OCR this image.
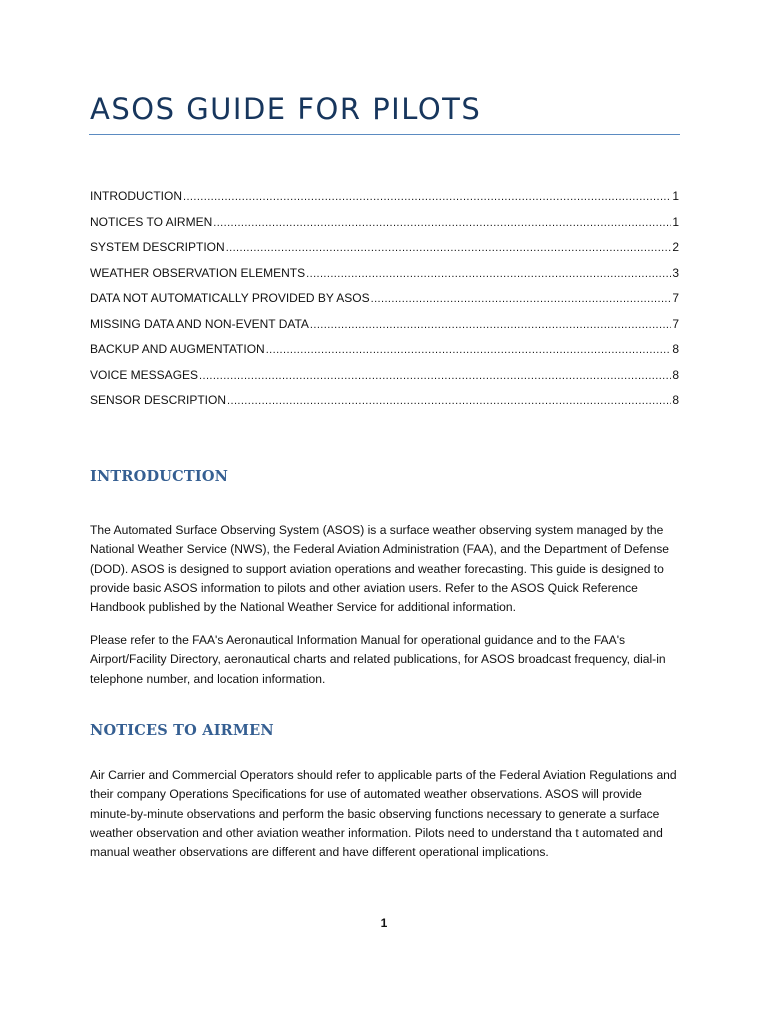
ASOS GUIDE FOR PILOTS
INTRODUCTION .....	1
NOTICES TO AIRMEN .....	1
SYSTEM DESCRIPTION .....	2
WEATHER OBSERVATION ELEMENTS .....	3
DATA NOT AUTOMATICALLY PROVIDED BY ASOS .....	7
MISSING DATA AND NON-EVENT DATA .....	7
BACKUP AND AUGMENTATION .....	8
VOICE MESSAGES .....	8
SENSOR DESCRIPTION .....	8
INTRODUCTION

The Automated Surface Observing System (ASOS) is a surface weather observing system managed by the National Weather Service (NWS), the Federal Aviation Administration (FAA), and the Department of Defense (DOD). ASOS is designed to support aviation operations and weather forecasting. This guide is designed to provide basic ASOS information to pilots and other aviation users. Refer to the ASOS Quick Reference Handbook published by the National Weather Service for additional information.

Please refer to the FAA's Aeronautical Information Manual for operational guidance and to the FAA's Airport/Facility Directory, aeronautical charts and related publications, for ASOS broadcast frequency, dial-in telephone number, and location information.

NOTICES TO AIRMEN

Air Carrier and Commercial Operators should refer to applicable parts of the Federal Aviation Regulations and their company Operations Specifications for use of automated weather observations. ASOS will provide minute-by-minute observations and perform the basic observing functions necessary to generate a surface weather observation and other aviation weather information. Pilots need to understand tha t automated and manual weather observations are different and have different operational implications.

1
